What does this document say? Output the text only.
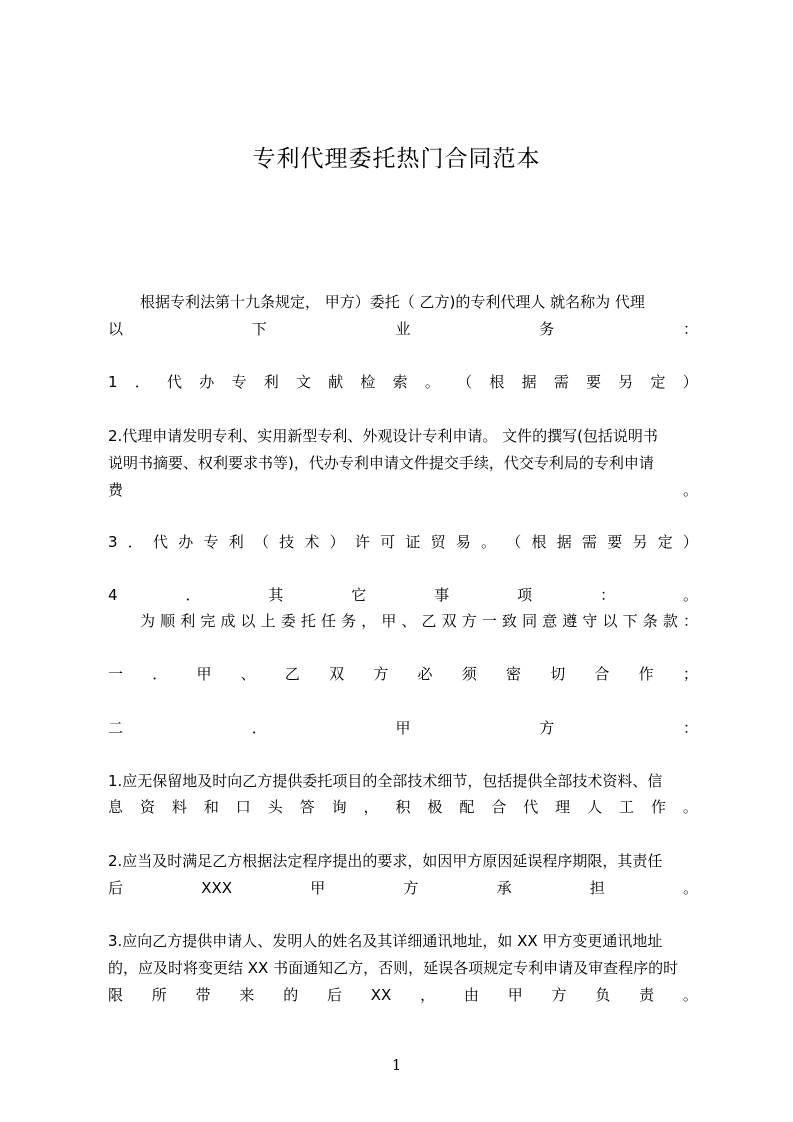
专利代理委托热门合同范本
根据专利法第十九条规定， 甲方）委托（ 乙方)的专利代理人 就名称为 代理
以	下	业	务	：
1 ． 代 办 专 利 文 献 检 索 。 （ 根 据 需 要 另 定 ）
2.代理申请发明专利、实用新型专利、外观设计专利申请。 文件的撰写(包括说明书
说明书摘要、权利要求书等)，代办专利申请文件提交手续，代交专利局的专利申请
费	。
3 ． 代 办 专 利 （ 技 术 ） 许 可 证 贸 易 。 （ 根 据 需 要 另 定 ）
4	．	其	它	事	项	：	。
为 顺 利 完 成 以 上 委 托 任 务 ， 甲 、 乙 双 方 一 致 同 意 遵 守 以 下 条 款 ：
一 ． 甲 、 乙 双 方 必 须 密 切 合 作 ；
二	．	甲	方	：
1.应无保留地及时向乙方提供委托项目的全部技术细节，包括提供全部技术资料、信
息 资 料 和 口 头 答 询 ， 积 极 配 合 代 理 人 工 作 。
2.应当及时满足乙方根据法定程序提出的要求，如因甲方原因延误程序期限，其责任
后	XXX	甲	方	承	担	。
3.应向乙方提供申请人、发明人的姓名及其详细通讯地址，如 XX 甲方变更通讯地址
的，应及时将变更结 XX 书面通知乙方，否则，延误各项规定专利申请及审查程序的时
限 所 带 来 的 后 XX ， 由 甲 方 负 责 。
1
